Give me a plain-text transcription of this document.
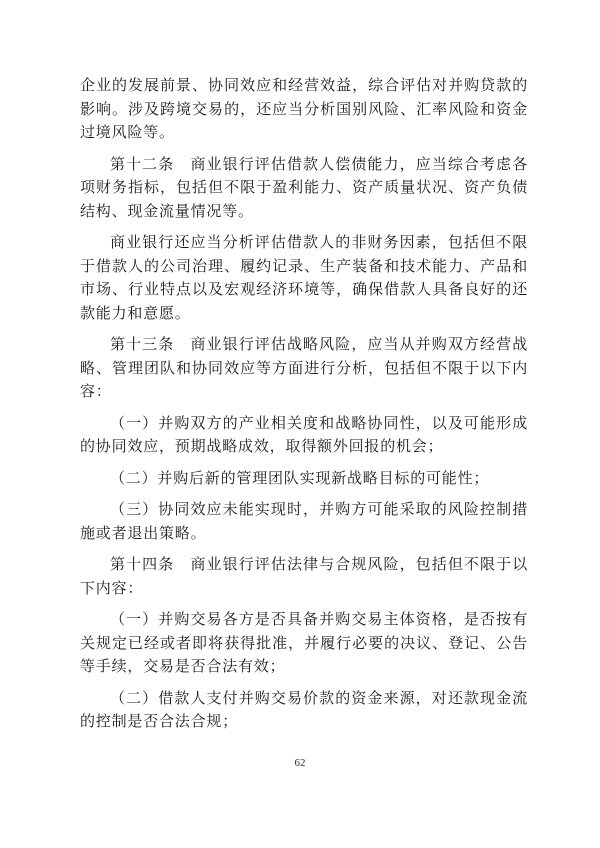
企业的发展前景、协同效应和经营效益，综合评估对并购贷款的影响。涉及跨境交易的，还应当分析国别风险、汇率风险和资金过境风险等。

第十二条　商业银行评估借款人偿债能力，应当综合考虑各项财务指标，包括但不限于盈利能力、资产质量状况、资产负债结构、现金流量情况等。

商业银行还应当分析评估借款人的非财务因素，包括但不限于借款人的公司治理、履约记录、生产装备和技术能力、产品和市场、行业特点以及宏观经济环境等，确保借款人具备良好的还款能力和意愿。

第十三条　商业银行评估战略风险，应当从并购双方经营战略、管理团队和协同效应等方面进行分析，包括但不限于以下内容：

（一）并购双方的产业相关度和战略协同性，以及可能形成的协同效应，预期战略成效，取得额外回报的机会；

（二）并购后新的管理团队实现新战略目标的可能性；

（三）协同效应未能实现时，并购方可能采取的风险控制措施或者退出策略。

第十四条　商业银行评估法律与合规风险，包括但不限于以下内容：

（一）并购交易各方是否具备并购交易主体资格，是否按有关规定已经或者即将获得批准，并履行必要的决议、登记、公告等手续，交易是否合法有效；

（二）借款人支付并购交易价款的资金来源，对还款现金流的控制是否合法合规；

62
